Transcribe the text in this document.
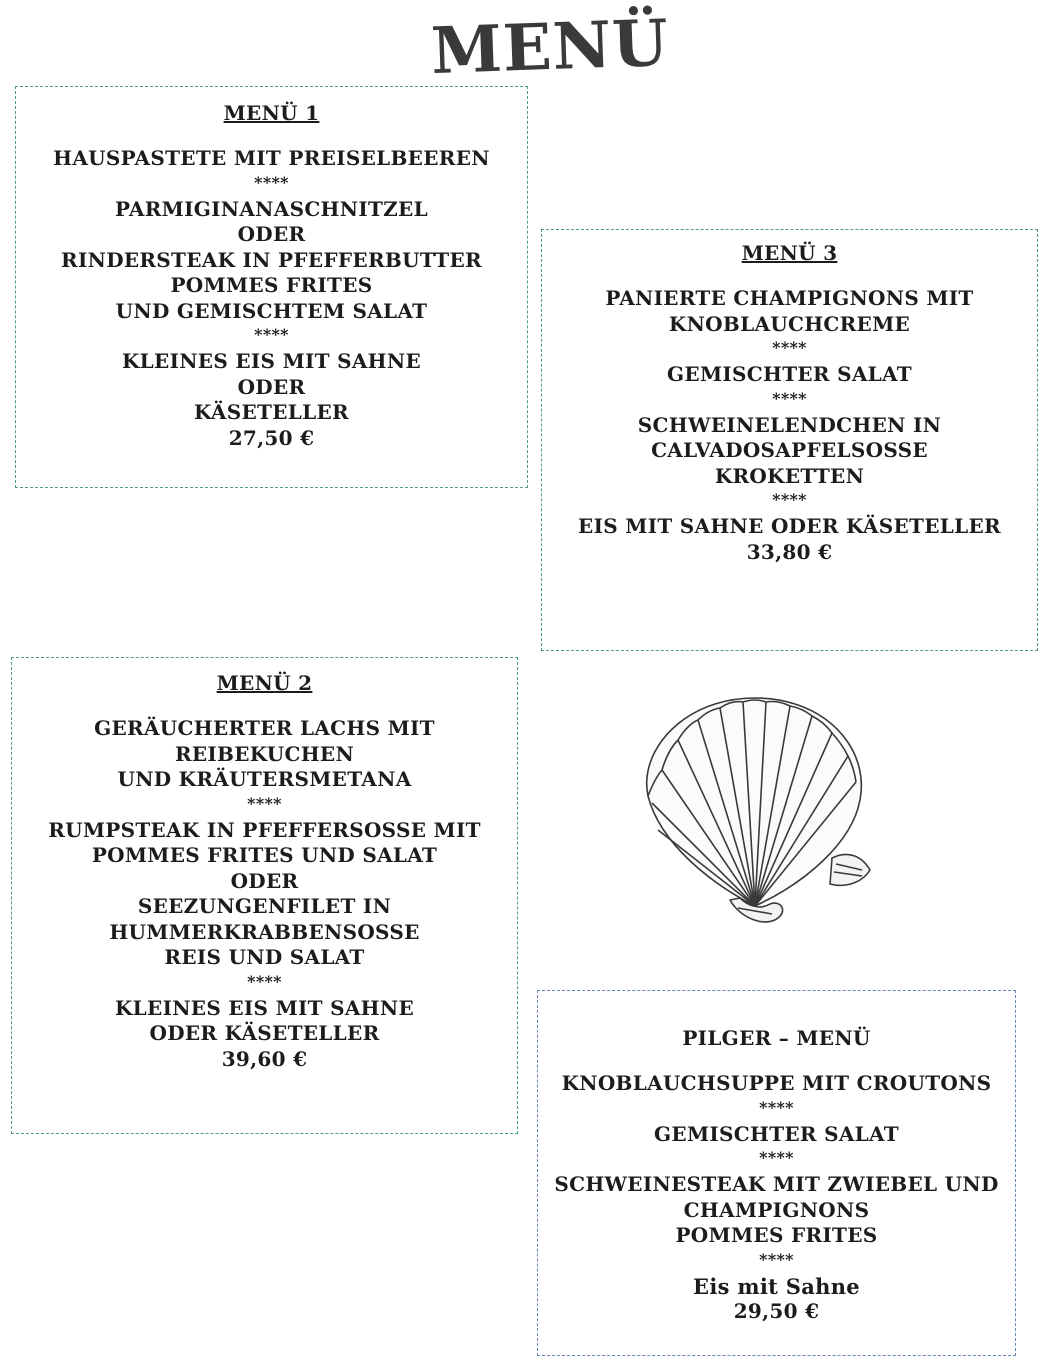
MENÜ
MENÜ 1
HAUSPASTETE MIT PREISELBEEREN
****
PARMIGINANASCHNITZEL
ODER
RINDERSTEAK IN PFEFFERBUTTER
POMMES FRITES
UND GEMISCHTEM SALAT
****
KLEINES EIS MIT SAHNE
ODER
KÄSETELLER
27,50 €
MENÜ 3
PANIERTE CHAMPIGNONS MIT
KNOBLAUCHCREME
****
GEMISCHTER SALAT
****
SCHWEINELENDCHEN IN
CALVADOSAPFELSOSSE
KROKETTEN
****
EIS MIT SAHNE ODER KÄSETELLER
33,80 €
MENÜ 2
GERÄUCHERTER LACHS MIT
REIBEKUCHEN
UND KRÄUTERSMETANA
****
RUMPSTEAK IN PFEFFERSOSSE MIT
POMMES FRITES UND SALAT
ODER
SEEZUNGENFILET IN
HUMMERKRABBENSOSSE
REIS UND SALAT
****
KLEINES EIS MIT SAHNE
ODER KÄSETELLER
39,60 €
PILGER – MENÜ
KNOBLAUCHSUPPE MIT CROUTONS
****
GEMISCHTER SALAT
****
SCHWEINESTEAK MIT ZWIEBEL UND
CHAMPIGNONS
POMMES FRITES
****
Eis mit Sahne
29,50 €
